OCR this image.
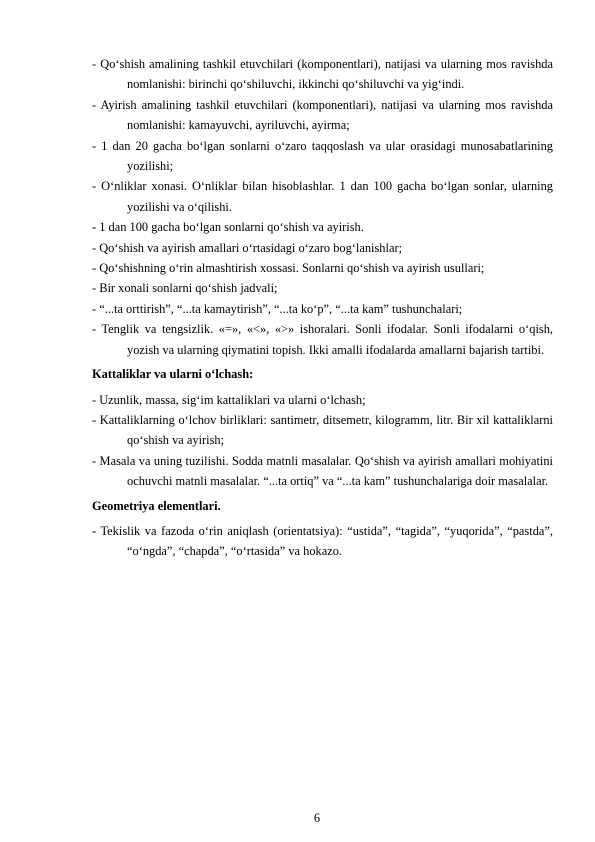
- Qo‘shish amalining tashkil etuvchilari (komponentlari), natijasi va ularning mos ravishda nomlanishi: birinchi qo‘shiluvchi, ikkinchi qo‘shiluvchi va yig‘indi.

- Ayirish amalining tashkil etuvchilari (komponentlari), natijasi va ularning mos ravishda nomlanishi: kamayuvchi, ayriluvchi, ayirma;

- 1 dan 20 gacha bo‘lgan sonlarni o‘zaro taqqoslash va ular orasidagi munosabatlarining yozilishi;

- O‘nliklar xonasi. O‘nliklar bilan hisoblashlar. 1 dan 100 gacha bo‘lgan sonlar, ularning yozilishi va o‘qilishi.

- 1 dan 100 gacha bo‘lgan sonlarni qo‘shish va ayirish.

- Qo‘shish va ayirish amallari o‘rtasidagi o‘zaro bog‘lanishlar;

- Qo‘shishning o‘rin almashtirish xossasi. Sonlarni qo‘shish va ayirish usullari;

- Bir xonali sonlarni qo‘shish jadvali;

- “...ta orttirish”, “...ta kamaytirish”, “...ta ko‘p”, “...ta kam” tushunchalari;

- Tenglik va tengsizlik. «=», «<», «>» ishoralari. Sonli ifodalar. Sonli ifodalarni o‘qish, yozish va ularning qiymatini topish. Ikki amalli ifodalarda amallarni bajarish tartibi.

Kattaliklar va ularni o‘lchash:

- Uzunlik, massa, sig‘im kattaliklari va ularni o‘lchash;

- Kattaliklarning o‘lchov birliklari: santimetr, ditsemetr, kilogramm, litr. Bir xil kattaliklarni qo‘shish va ayirish;

- Masala va uning tuzilishi. Sodda matnli masalalar. Qo‘shish va ayirish amallari mohiyatini ochuvchi matnli masalalar. “...ta ortiq” va “...ta kam” tushunchalariga doir masalalar.

Geometriya elementlari.

- Tekislik va fazoda o‘rin aniqlash (orientatsiya): “ustida”, “tagida”, “yuqorida”, “pastda”, “o‘ngda”, “chapda”, “o‘rtasida” va hokazo.

6
